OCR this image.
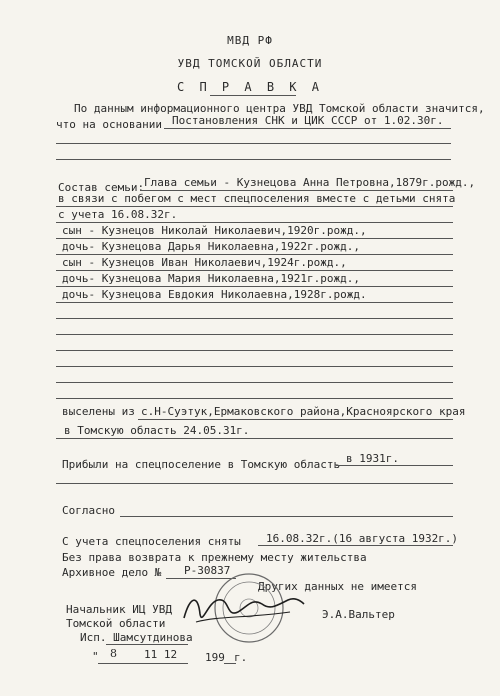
МВД РФ
УВД ТОМСКОЙ ОБЛАСТИ
С П Р А В К А
По данным информационного центра УВД Томской области значится,
что на основании Постановления СНК и ЦИК СССР от 1.02.30г.
Состав семьи: Глава семьи - Кузнецова Анна Петровна,1879г.рожд.,
в связи с побегом с мест спецпоселения вместе с детьми снята
с учета 16.08.32г.
сын - Кузнецов Николай Николаевич,1920г.рожд.,
дочь- Кузнецова Дарья Николаевна,1922г.рожд.,
сын - Кузнецов Иван Николаевич,1924г.рожд.,
дочь- Кузнецова Мария Николаевна,1921г.рожд.,
дочь- Кузнецова Евдокия Николаевна,1928г.рожд.
выселены из с.Н-Суэтук,Ермаковского района,Красноярского края
в Томскую область 24.05.31г.
Прибыли на спецпоселение в Томскую область в 1931г.
Согласно
С учета спецпоселения сняты 16.08.32г.(16 августа 1932г.)
Без права возврата к прежнему месту жительства
Архивное дело № Р-30837
Других данных не имеется
Начальник ИЦ УВД
Томской области
Э.А.Вальтер
Исп. Шамсутдинова
" 8 11 12	199 г.
